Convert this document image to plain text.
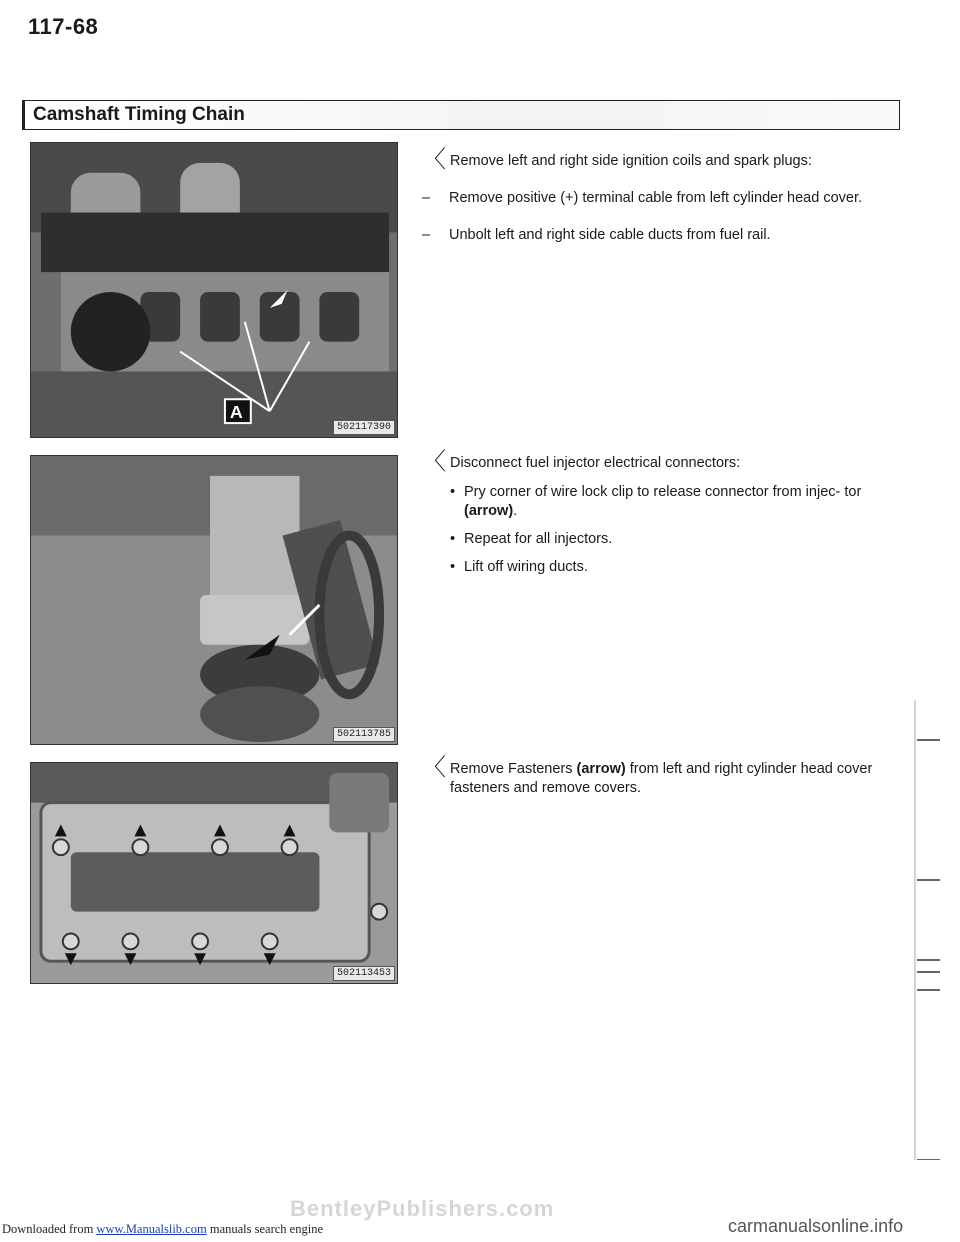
117-68
Camshaft Timing Chain
A
502117390
502113785
502113453

〈 Remove left and right side ignition coils and spark plugs:

– Remove positive (+) terminal cable from left cylinder head cover.

– Unbolt left and right side cable ducts from fuel rail.

〈 Disconnect fuel injector electrical connectors:

• Pry corner of wire lock clip to release connector from injec- tor (arrow).
• Repeat for all injectors.
• Lift off wiring ducts.

〈 Remove Fasteners (arrow) from left and right cylinder head cover fasteners and remove covers.

BentleyPublishers.com
Downloaded from www.Manualslib.com manuals search engine	carmanualsonline.info
